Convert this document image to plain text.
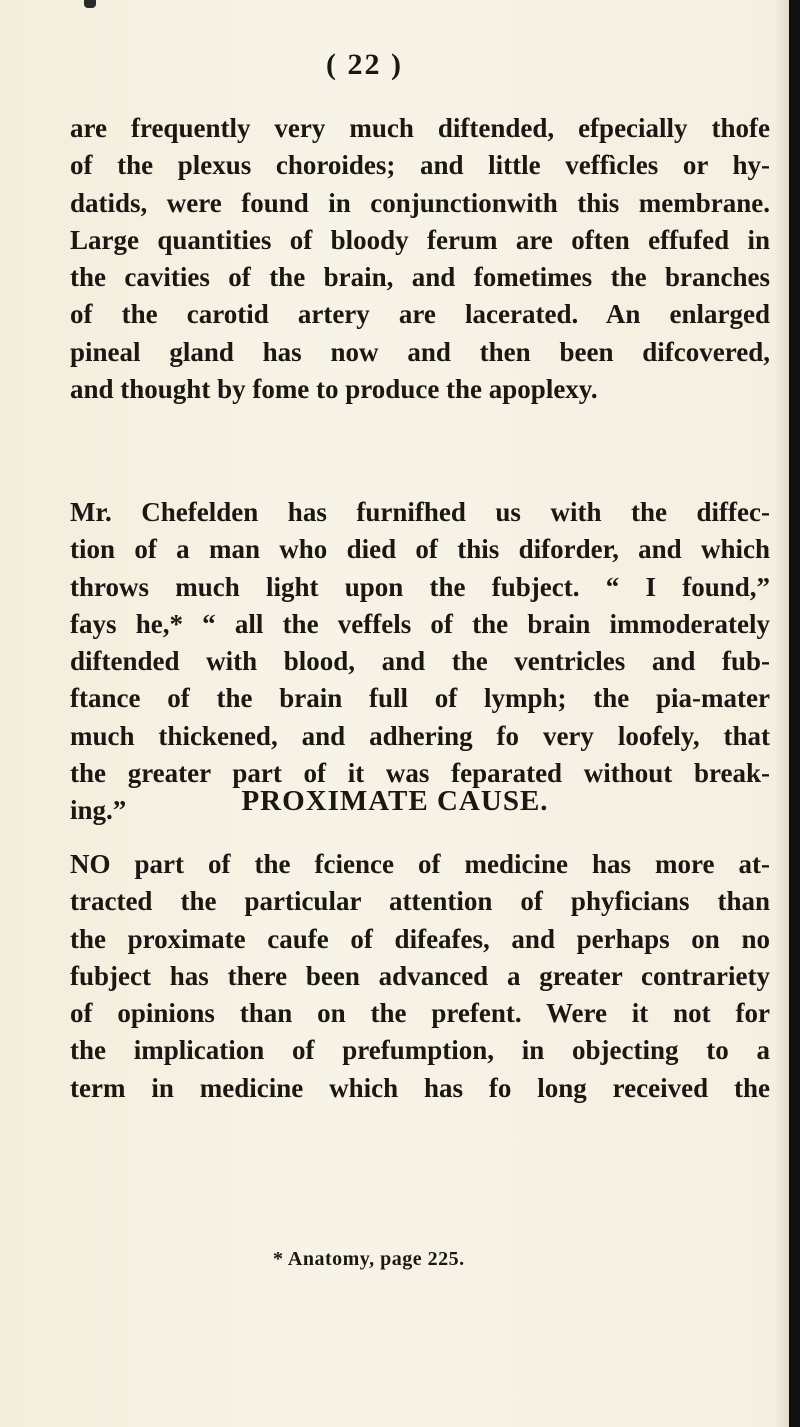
( 22 )
are frequently very much diftended, efpecially thofe
of the plexus choroides; and little veffìcles or hy-
datids, were found in conjunctionwith this membrane.
Large quantities of bloody ferum are often effufed in
the cavities of the brain, and fometimes the branches
of the carotid artery are lacerated. An enlarged
pineal gland has now and then been difcovered,
and thought by fome to produce the apoplexy.
Mr. Chefelden has furnifhed us with the diffec-
tion of a man who died of this diforder, and which
throws much light upon the fubject. “ I found,”
fays he,* “ all the veffels of the brain immoderately
diftended with blood, and the ventricles and fub-
ftance of the brain full of lymph; the pia-mater
much thickened, and adhering fo very loofely, that
the greater part of it was feparated without break-
ing.”	PROXIMATE CAUSE.
NO part of the fcience of medicine has more at-
tracted the particular attention of phyficians than
the proximate caufe of difeafes, and perhaps on no
fubject has there been advanced a greater contrariety
of opinions than on the prefent. Were it not for
the implication of prefumption, in objecting to a
term in medicine which has fo long received the
* Anatomy, page 225.
